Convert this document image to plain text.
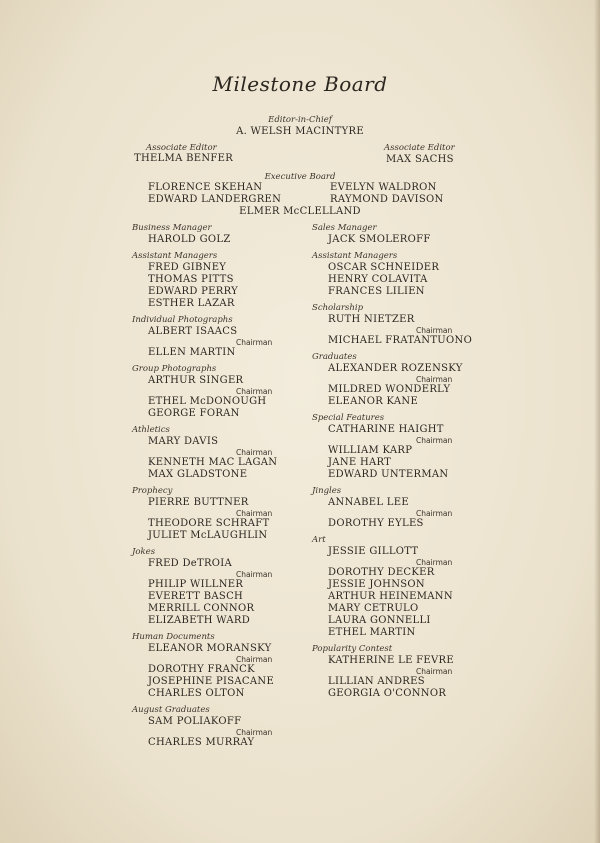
Milestone Board
Editor-in-Chief
A. WELSH MACINTYRE
Associate Editor
THELMA BENFER
Associate Editor
MAX SACHS
Executive Board
FLORENCE SKEHAN
EDWARD LANDERGREN
EVELYN WALDRON
RAYMOND DAVISON
ELMER McCLELLAND
Business Manager
HAROLD GOLZ
Assistant Managers
FRED GIBNEY
THOMAS PITTS
EDWARD PERRY
ESTHER LAZAR
Individual Photographs
ALBERT ISAACS
Chairman
ELLEN MARTIN
Group Photographs
ARTHUR SINGER
Chairman
ETHEL McDONOUGH
GEORGE FORAN
Athletics
MARY DAVIS
Chairman
KENNETH MAC LAGAN
MAX GLADSTONE
Prophecy
PIERRE BUTTNER
Chairman
THEODORE SCHRAFT
JULIET McLAUGHLIN
Jokes
FRED DeTROIA
Chairman
PHILIP WILLNER
EVERETT BASCH
MERRILL CONNOR
ELIZABETH WARD
Human Documents
ELEANOR MORANSKY
Chairman
DOROTHY FRANCK
JOSEPHINE PISACANE
CHARLES OLTON
August Graduates
SAM POLIAKOFF
Chairman
CHARLES MURRAY
Sales Manager
JACK SMOLEROFF
Assistant Managers
OSCAR SCHNEIDER
HENRY COLAVITA
FRANCES LILIEN
Scholarship
RUTH NIETZER
Chairman
MICHAEL FRATANTUONO
Graduates
ALEXANDER ROZENSKY
Chairman
MILDRED WONDERLY
ELEANOR KANE
Special Features
CATHARINE HAIGHT
Chairman
WILLIAM KARP
JANE HART
EDWARD UNTERMAN
Jingles
ANNABEL LEE
Chairman
DOROTHY EYLES
Art
JESSIE GILLOTT
Chairman
DOROTHY DECKER
JESSIE JOHNSON
ARTHUR HEINEMANN
MARY CETRULO
LAURA GONNELLI
ETHEL MARTIN
Popularity Contest
KATHERINE LE FEVRE
Chairman
LILLIAN ANDRES
GEORGIA O'CONNOR
